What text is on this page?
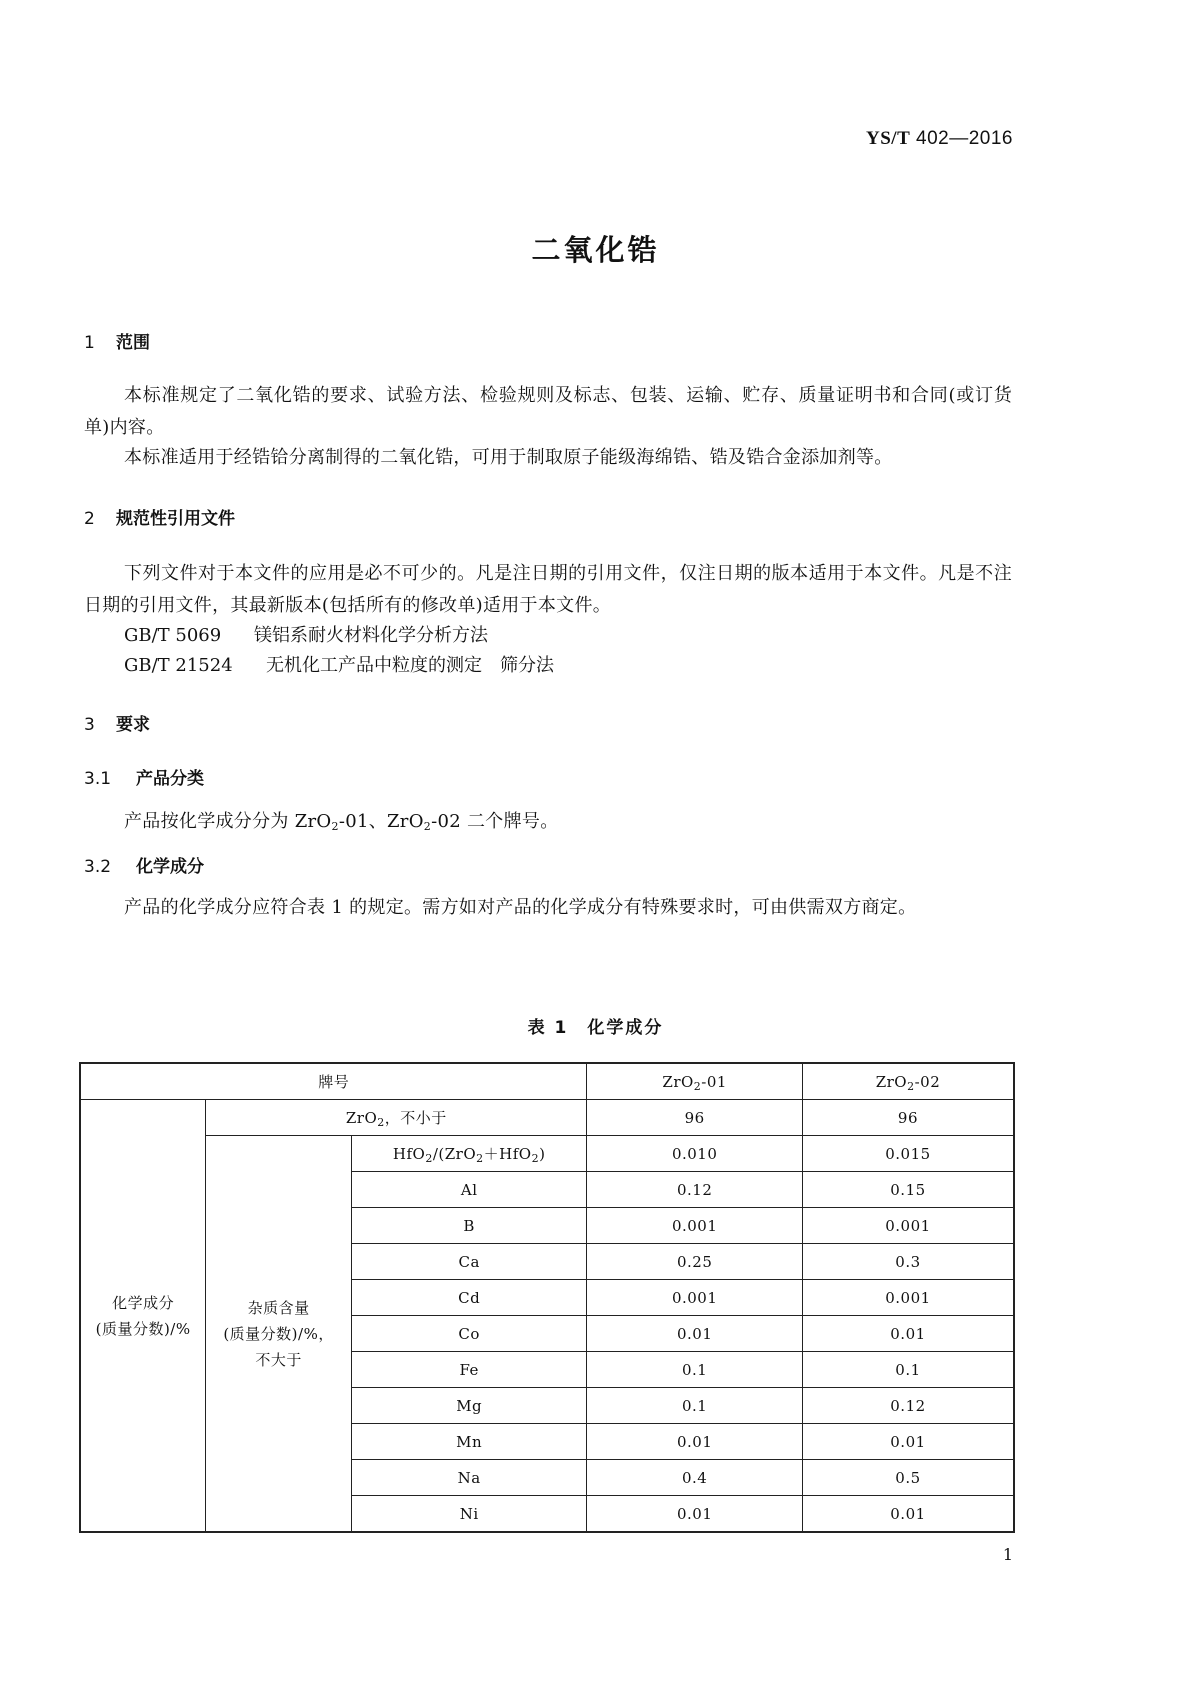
YS/T 402—2016
二氧化锆
1 范围
本标准规定了二氧化锆的要求、试验方法、检验规则及标志、包装、运输、贮存、质量证明书和合同(或订货单)内容。
本标准适用于经锆铪分离制得的二氧化锆，可用于制取原子能级海绵锆、锆及锆合金添加剂等。
2 规范性引用文件
下列文件对于本文件的应用是必不可少的。凡是注日期的引用文件，仅注日期的版本适用于本文件。凡是不注日期的引用文件，其最新版本(包括所有的修改单)适用于本文件。
GB/T 5069 镁铝系耐火材料化学分析方法
GB/T 21524 无机化工产品中粒度的测定　筛分法
3 要求
3.1 产品分类
产品按化学成分分为 ZrO$_2$-01、ZrO$_2$-02 二个牌号。
3.2 化学成分
产品的化学成分应符合表 1 的规定。需方如对产品的化学成分有特殊要求时，可由供需双方商定。
表 1　化学成分
牌号			ZrO$_2$-01	ZrO$_2$-02
化学成分
(质量分数)/%	ZrO$_2$，不小于		96	96
	杂质含量
(质量分数)/%，
不大于	HfO$_2$/(ZrO$_2$＋HfO$_2$)	0.010	0.015
		Al	0.12	0.15
		B	0.001	0.001
		Ca	0.25	0.3
		Cd	0.001	0.001
		Co	0.01	0.01
		Fe	0.1	0.1
		Mg	0.1	0.12
		Mn	0.01	0.01
		Na	0.4	0.5
		Ni	0.01	0.01
1
